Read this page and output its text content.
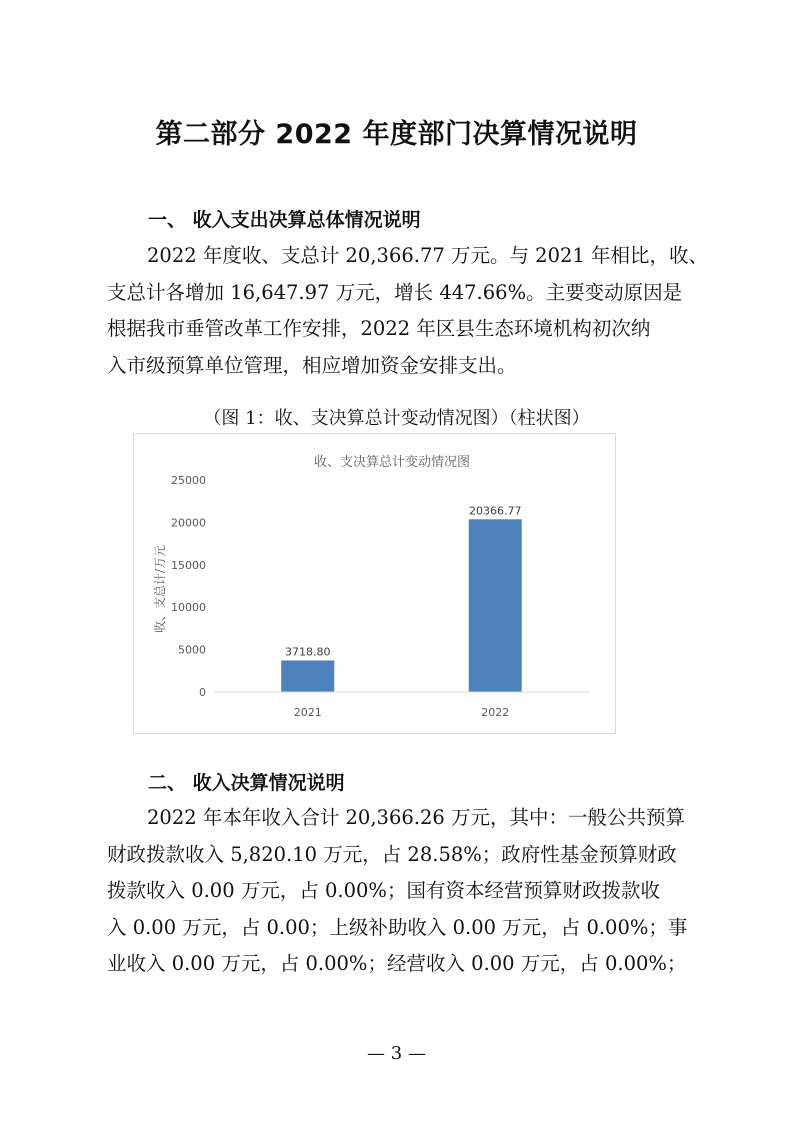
第二部分 2022 年度部门决算情况说明
一、 收入支出决算总体情况说明

2022 年度收、支总计 20,366.77 万元。与 2021 年相比，收、
支总计各增加 16,647.97 万元，增长 447.66%。主要变动原因是
根据我市垂管改革工作安排，2022 年区县生态环境机构初次纳
入市级预算单位管理，相应增加资金安排支出。

（图 1：收、支决算总计变动情况图）（柱状图）

收、支决算总计变动情况图
收、支总计/万元
0
5000
10000
15000
20000
25000
3718.80
20366.77
2021	2022
二、 收入决算情况说明

2022 年本年收入合计 20,366.26 万元，其中：一般公共预算
财政拨款收入 5,820.10 万元，占 28.58%；政府性基金预算财政
拨款收入 0.00 万元，占 0.00%；国有资本经营预算财政拨款收
入 0.00 万元，占 0.00；上级补助收入 0.00 万元，占 0.00%；事
业收入 0.00 万元，占 0.00%；经营收入 0.00 万元，占 0.00%；

— 3 —
